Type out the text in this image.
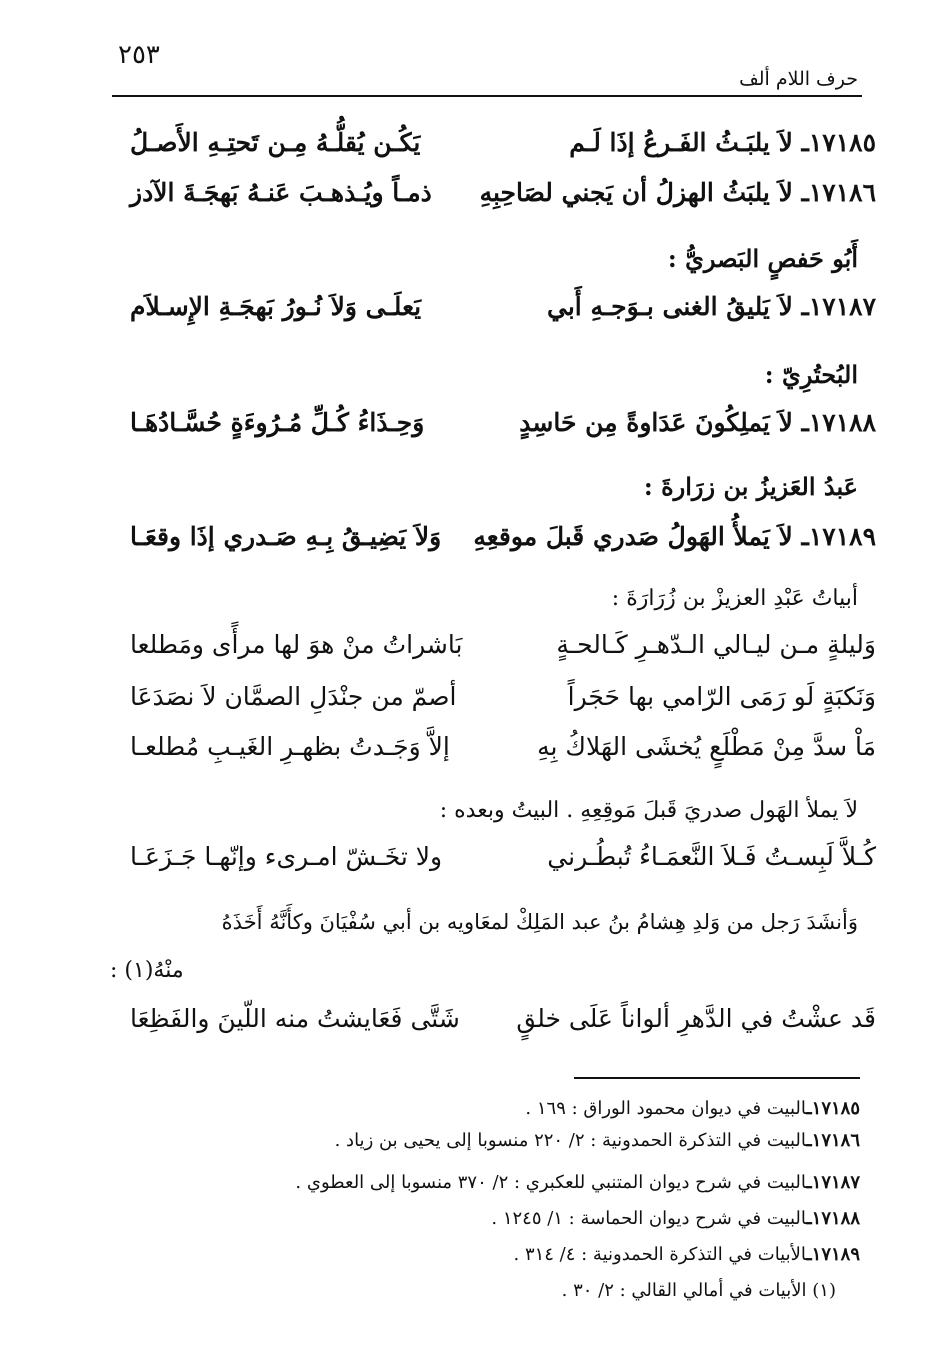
٢٥٣
حرف اللام ألف
١٧١٨٥ـ لاَ يلبَـثُ الفَـرعُ إذَا لَـم
يَكُـن يُقلُّـهُ مِـن تَحتِـهِ الأَصـلُ
١٧١٨٦ـ لاَ يلبَثُ الهزلُ أن يَجني لصَاحِبِهِ
ذمـاً ويُـذهـبَ عَنـهُ بَهجَـةَ الآدز
أَبُو حَفصٍ البَصريُّ :
١٧١٨٧ـ لاَ يَليقُ الغنى بـوَجـهِ أَبي
يَعلَـى وَلاَ نُـورُ بَهجَـةِ الإِسـلاَم
البُحتُرِيّ :
١٧١٨٨ـ لاَ يَملِكُونَ عَدَاوةً مِن حَاسِدٍ
وَحِـذَاءُ كُـلِّ مُـرُوءَةٍ حُسَّـادُهَـا
عَبدُ العَزيزُ بن زرَارةَ :
١٧١٨٩ـ لاَ يَملأُ الهَولُ صَدري قَبلَ موقعِهِ
وَلاَ يَضِيـقُ بِـهِ صَـدري إذَا وقعَـا
أبياتُ عَبْدِ العزيزْ بن زُرَارَةَ :
وَليلةٍ مـن ليـالي الـدّهـرِ كَـالحـةٍ
بَاشراتُ منْ هوَ لها مرأًى ومَطلعا
وَنَكبَةٍ لَو رَمَى الرّامي بها حَجَراً
أصمّ من جنْدَلِ الصمَّان لاَ نصَدَعَا
مَاْ سدَّ مِنْ مَطْلَعٍ يُخشَى الهَلاكُ بِهِ
إلاَّ وَجَـدتُ بظهـرِ الغَيـبِ مُطلعـا
لاَ يملأ الهَول صدريَ قَبلَ مَوقِعِهِ . البيتُ وبعده :
كُـلاَّ لَبِسـتُ فَـلاَ النَّعمَـاءُ تُبطُـرني
ولا تخَـشّ امـرىء وإنّهـا جَـزَعَـا
وَأنشَدَ رَجل من وَلدِ هِشامُ بنُ عبد المَلِكْ لمعَاويه بن أبي سُفْيَانَ وكأَنَّهُ أَخَذَهُ
منْهُ(١) :
قَد عشْتُ في الدَّهرِ ألواناً عَلَى خلقٍ
شَتَّى فَعَايشتُ منه اللّينَ والفَظِعَا
١٧١٨٥ـالبيت في ديوان محمود الوراق : ١٦٩ .
١٧١٨٦ـالبيت في التذكرة الحمدونية : ٢/ ٢٢٠ منسوبا إلى يحيى بن زياد .
١٧١٨٧ـالبيت في شرح ديوان المتنبي للعكبري : ٢/ ٣٧٠ منسوبا إلى العطوي .
١٧١٨٨ـالبيت في شرح ديوان الحماسة : ١/ ١٢٤٥ .
١٧١٨٩ـالأبيات في التذكرة الحمدونية : ٤/ ٣١٤ .
(١) الأبيات في أمالي القالي : ٢/ ٣٠ .
